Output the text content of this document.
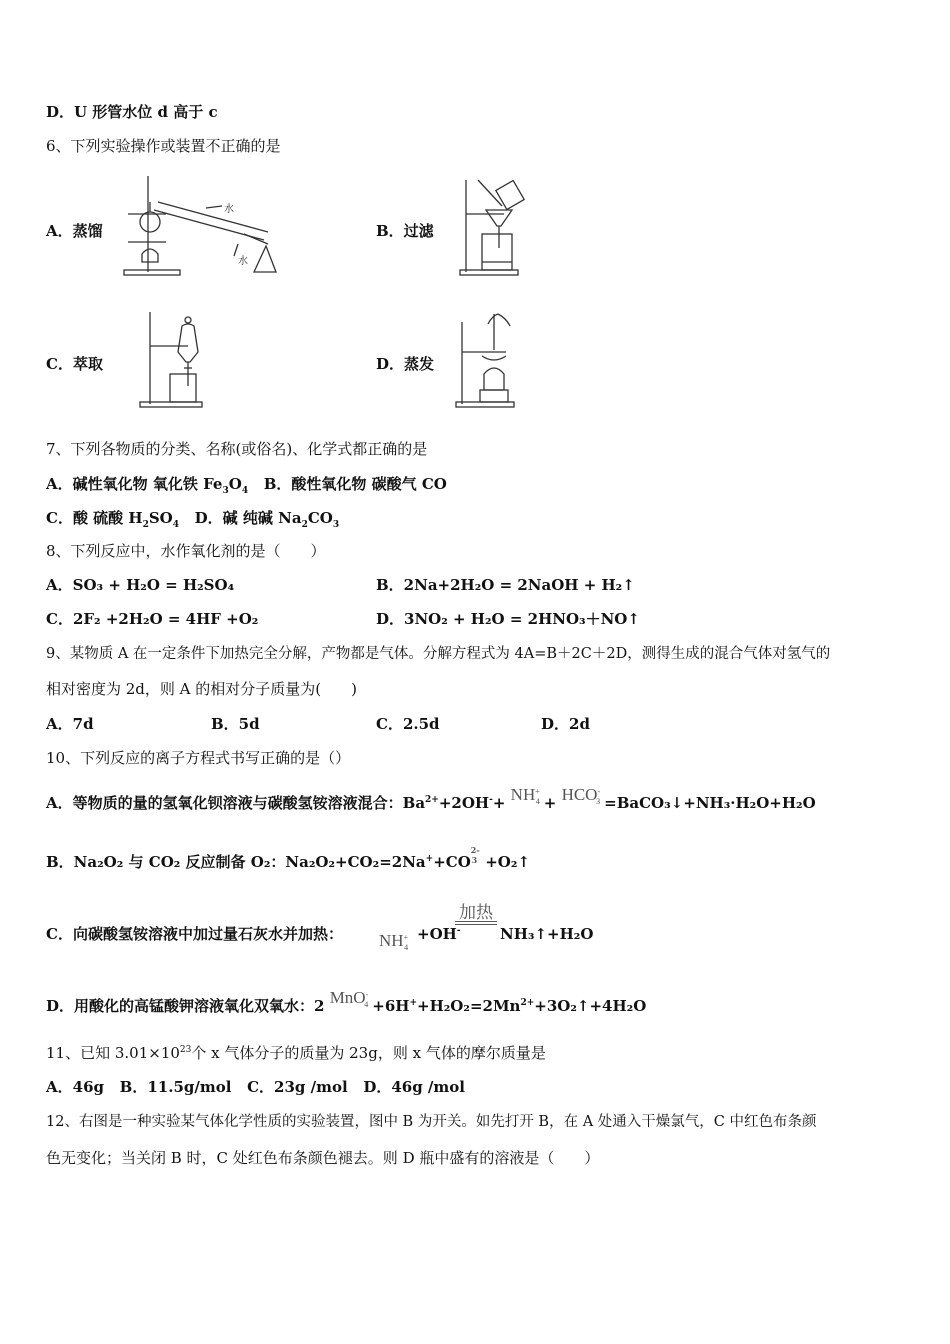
D．U 形管水位 d 高于 c
6、下列实验操作或装置不正确的是
A．蒸馏
水
水
B．过滤
C．萃取	D．蒸发
7、下列各物质的分类、名称(或俗名)、化学式都正确的是
A．碱性氧化物 氧化铁 $Fe_3O_4$ B．酸性氧化物 碳酸气 CO
C．酸 硫酸 $H_2SO_4$ D．碱 纯碱 $Na_2CO_3$
8、下列反应中，水作氧化剂的是（　　）
A．SO₃ + H₂O = H₂SO₄	B．2Na+2H₂O = 2NaOH + H₂↑
C．2F₂ +2H₂O = 4HF +O₂	D．3NO₂ + H₂O = 2HNO₃＋NO↑
9、某物质 A 在一定条件下加热完全分解，产物都是气体。分解方程式为 4A=B＋2C＋2D，测得生成的混合气体对氢气的
相对密度为 2d，则 A 的相对分子质量为(　　)
A．7d	B．5d	C．2.5d	D．2d
10、下列反应的离子方程式书写正确的是（）
A．等物质的量的氢氧化钡溶液与碳酸氢铵溶液混合：$Ba^{2+}+2OH^-+ NH^+_4 + HCO^-_3$ =BaCO₃↓+NH₃·H₂O+H₂O
B．Na₂O₂ 与 CO₂ 反应制备 O₂：$Na_2O_2+CO_2=2Na^++CO^{2-3}$ +O₂↑
C．向碳酸氢铵溶液中加过量石灰水并加热： $NH^+_4$
+OH-
加热
NH₃↑+H₂O
D．用酸化的高锰酸钾溶液氧化双氧水：2 $MnO^-_4 +6H^++H_2O_2=2Mn^{2+}+3O_2↑+4H_2O$
11、已知 $3.01\times 10^{23}$个 x 气体分子的质量为 23g，则 x 气体的摩尔质量是
A．46g   B．11.5g/mol   C．23g /mol   D．46g /mol
12、右图是一种实验某气体化学性质的实验装置，图中 B 为开关。如先打开 B，在 A 处通入干燥氯气，C 中红色布条颜
色无变化；当关闭 B 时，C 处红色布条颜色褪去。则 D 瓶中盛有的溶液是（　　）
